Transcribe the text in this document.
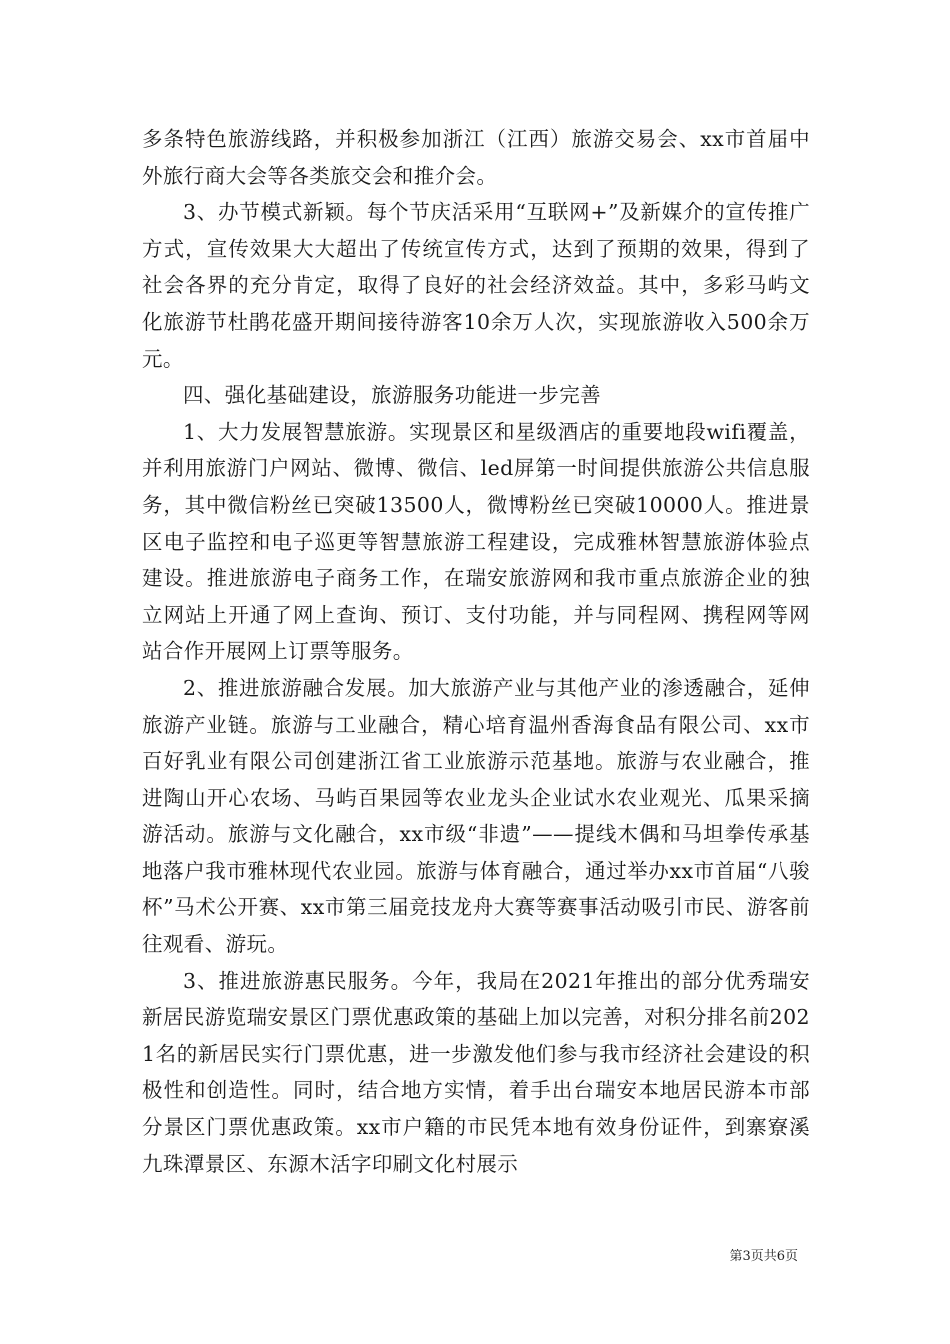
多条特色旅游线路，并积极参加浙江（江西）旅游交易会、xx市首届中外旅行商大会等各类旅交会和推介会。

3、办节模式新颖。每个节庆活采用“互联网+”及新媒介的宣传推广方式，宣传效果大大超出了传统宣传方式，达到了预期的效果，得到了社会各界的充分肯定，取得了良好的社会经济效益。其中，多彩马屿文化旅游节杜鹃花盛开期间接待游客10余万人次，实现旅游收入500余万元。

四、强化基础建设，旅游服务功能进一步完善

1、大力发展智慧旅游。实现景区和星级酒店的重要地段wifi覆盖，并利用旅游门户网站、微博、微信、led屏第一时间提供旅游公共信息服务，其中微信粉丝已突破13500人，微博粉丝已突破10000人。推进景区电子监控和电子巡更等智慧旅游工程建设，完成雅林智慧旅游体验点建设。推进旅游电子商务工作，在瑞安旅游网和我市重点旅游企业的独立网站上开通了网上查询、预订、支付功能，并与同程网、携程网等网站合作开展网上订票等服务。

2、推进旅游融合发展。加大旅游产业与其他产业的渗透融合，延伸旅游产业链。旅游与工业融合，精心培育温州香海食品有限公司、xx市百好乳业有限公司创建浙江省工业旅游示范基地。旅游与农业融合，推进陶山开心农场、马屿百果园等农业龙头企业试水农业观光、瓜果采摘游活动。旅游与文化融合，xx市级“非遗”——提线木偶和马坦拳传承基地落户我市雅林现代农业园。旅游与体育融合，通过举办xx市首届“八骏杯”马术公开赛、xx市第三届竞技龙舟大赛等赛事活动吸引市民、游客前往观看、游玩。

3、推进旅游惠民服务。今年，我局在2021年推出的部分优秀瑞安新居民游览瑞安景区门票优惠政策的基础上加以完善，对积分排名前2021名的新居民实行门票优惠，进一步激发他们参与我市经济社会建设的积极性和创造性。同时，结合地方实情，着手出台瑞安本地居民游本市部分景区门票优惠政策。xx市户籍的市民凭本地有效身份证件，到寨寮溪九珠潭景区、东源木活字印刷文化村展示

第3页共6页
